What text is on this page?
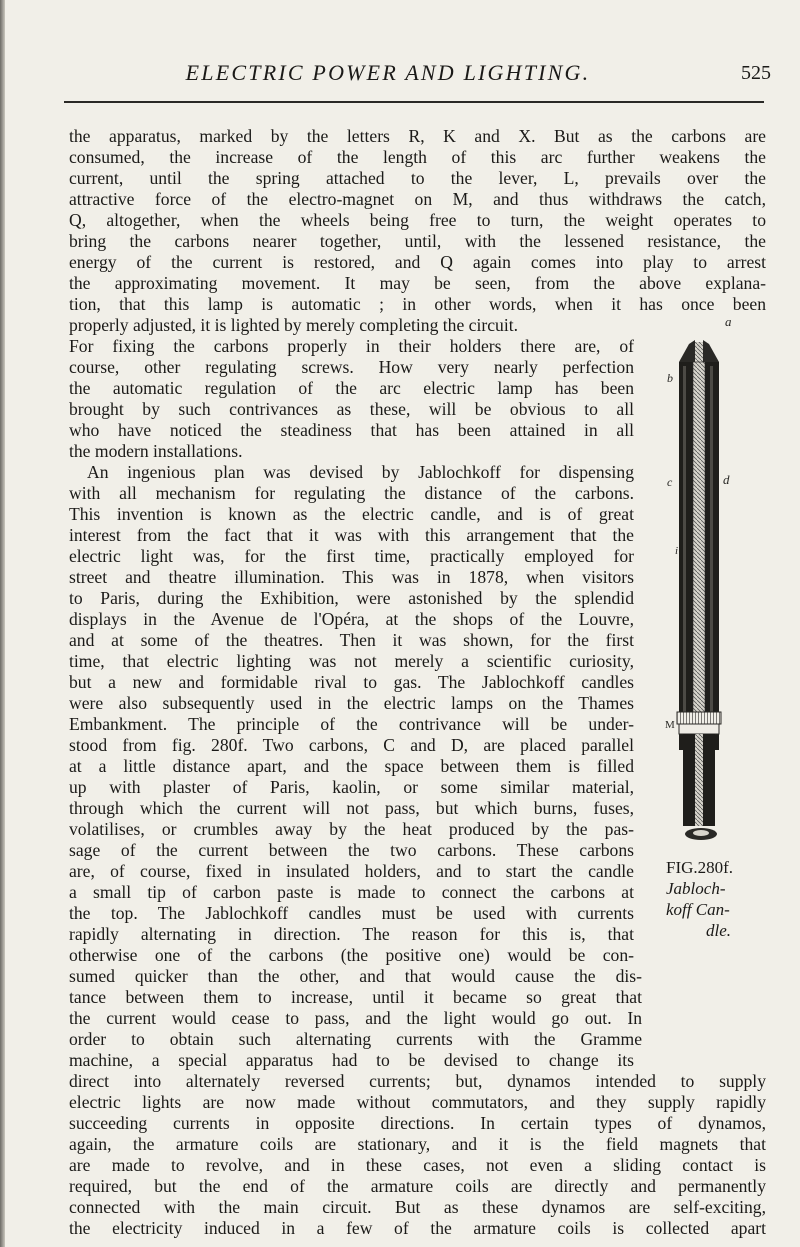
ELECTRIC POWER AND LIGHTING.	525
the apparatus, marked by the letters R, K and X. But as the carbons are
consumed, the increase of the length of this arc further weakens the
current, until the spring attached to the lever, L, prevails over the
attractive force of the electro-magnet on M, and thus withdraws the catch,
Q, altogether, when the wheels being free to turn, the weight operates to
bring the carbons nearer together, until, with the lessened resistance, the
energy of the current is restored, and Q again comes into play to arrest
the approximating movement. It may be seen, from the above explana-
tion, that this lamp is automatic ; in other words, when it has once been
properly adjusted, it is lighted by merely completing the circuit.
For fixing the carbons properly in their holders there are, of
course, other regulating screws. How very nearly perfection
the automatic regulation of the arc electric lamp has been
brought by such contrivances as these, will be obvious to all
who have noticed the steadiness that has been attained in all
the modern installations.
An ingenious plan was devised by Jablochkoff for dispensing
with all mechanism for regulating the distance of the carbons.
This invention is known as the electric candle, and is of great
interest from the fact that it was with this arrangement that the
electric light was, for the first time, practically employed for
street and theatre illumination. This was in 1878, when visitors
to Paris, during the Exhibition, were astonished by the splendid
displays in the Avenue de l'Opéra, at the shops of the Louvre,
and at some of the theatres. Then it was shown, for the first
time, that electric lighting was not merely a scientific curiosity,
but a new and formidable rival to gas. The Jablochkoff candles
were also subsequently used in the electric lamps on the Thames
Embankment. The principle of the contrivance will be under-
stood from fig. 280f. Two carbons, C and D, are placed parallel
at a little distance apart, and the space between them is filled
up with plaster of Paris, kaolin, or some similar material,
through which the current will not pass, but which burns, fuses,
volatilises, or crumbles away by the heat produced by the pas-
sage of the current between the two carbons. These carbons
are, of course, fixed in insulated holders, and to start the candle
a small tip of carbon paste is made to connect the carbons at
the top. The Jablochkoff candles must be used with currents
rapidly alternating in direction. The reason for this is, that
otherwise one of the carbons (the positive one) would be con-
sumed quicker than the other, and that would cause the dis-
tance between them to increase, until it became so great that
the current would cease to pass, and the light would go out. In
order to obtain such alternating currents with the Gramme
machine, a special apparatus had to be devised to change its
direct into alternately reversed currents; but, dynamos intended to supply
electric lights are now made without commutators, and they supply rapidly
succeeding currents in opposite directions. In certain types of dynamos,
again, the armature coils are stationary, and it is the field magnets that
are made to revolve, and in these cases, not even a sliding contact is
required, but the end of the armature coils are directly and permanently
connected with the main circuit. But as these dynamos are self-exciting,
the electricity induced in a few of the armature coils is collected apart
a
b
c	d
i
M
FIG.280f.
Jabloch-
koff Can-
dle.
